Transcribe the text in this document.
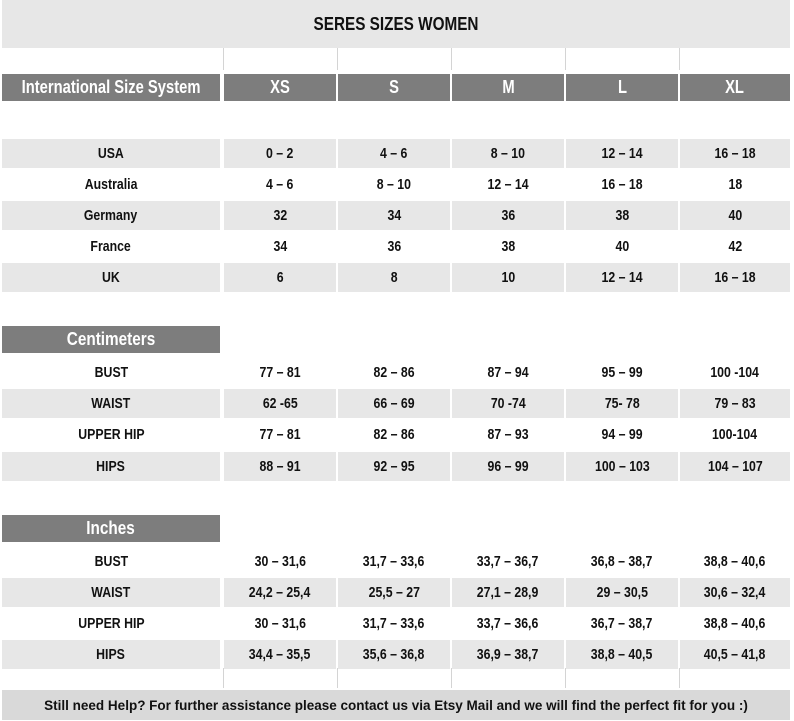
SERES SIZES WOMEN
International Size System	XS	S	M	L	XL
USA	0 – 2	4 – 6	8 – 10	12 – 14	16 – 18
Australia	4 – 6	8 – 10	12 – 14	16 – 18	18
Germany	32	34	36	38	40
France	34	36	38	40	42
UK	6	8	10	12 – 14	16 – 18
Centimeters
BUST	77 – 81	82 – 86	87 – 94	95 – 99	100 -104
WAIST	62 -65	66 – 69	70 -74	75- 78	79 – 83
UPPER HIP	77 – 81	82 – 86	87 – 93	94 – 99	100-104
HIPS	88 – 91	92 – 95	96 – 99	100 – 103	104 – 107
Inches
BUST	30 – 31,6	31,7 – 33,6	33,7 – 36,7	36,8 – 38,7	38,8 – 40,6
WAIST	24,2 – 25,4	25,5 – 27	27,1 – 28,9	29 – 30,5	30,6 – 32,4
UPPER HIP	30 – 31,6	31,7 – 33,6	33,7 – 36,6	36,7 – 38,7	38,8 – 40,6
HIPS	34,4 – 35,5	35,6 – 36,8	36,9 – 38,7	38,8 – 40,5	40,5 – 41,8
Still need Help? For further assistance please contact us via Etsy Mail and we will find the perfect fit for you :)
